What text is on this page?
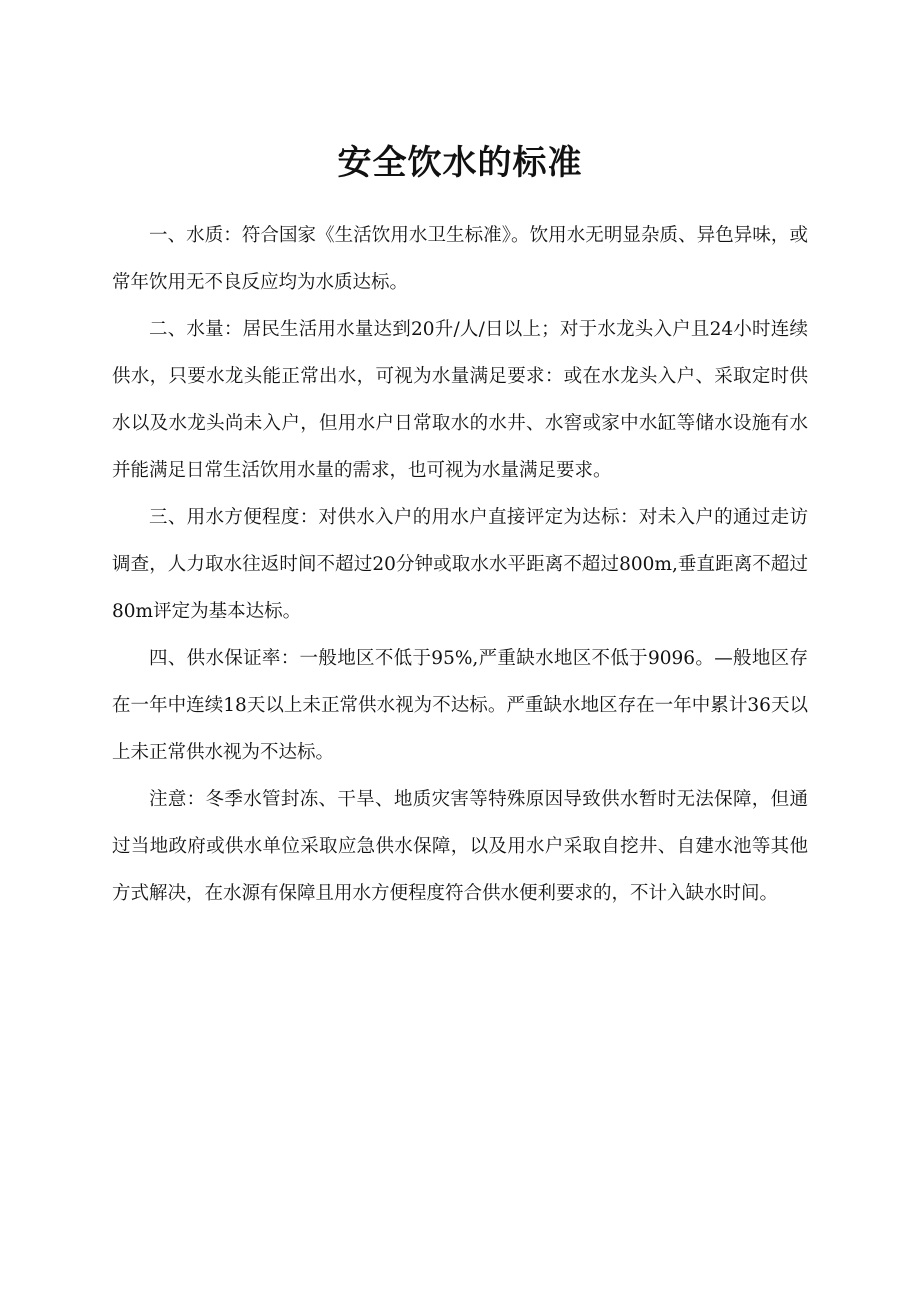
安全饮水的标准

一、水质：符合国家《生活饮用水卫生标准》。饮用水无明显杂质、异色异味，或常年饮用无不良反应均为水质达标。

二、水量：居民生活用水量达到20升/人/日以上；对于水龙头入户且24小时连续供水，只要水龙头能正常出水，可视为水量满足要求：或在水龙头入户、采取定时供水以及水龙头尚未入户，但用水户日常取水的水井、水窖或家中水缸等储水设施有水并能满足日常生活饮用水量的需求，也可视为水量满足要求。

三、用水方便程度：对供水入户的用水户直接评定为达标：对未入户的通过走访调查，人力取水往返时间不超过20分钟或取水水平距离不超过800m,垂直距离不超过80m评定为基本达标。

四、供水保证率：一般地区不低于95%,严重缺水地区不低于9096。—般地区存在一年中连续18天以上未正常供水视为不达标。严重缺水地区存在一年中累计36天以上未正常供水视为不达标。

注意：冬季水管封冻、干旱、地质灾害等特殊原因导致供水暂时无法保障，但通过当地政府或供水单位采取应急供水保障，以及用水户采取自挖井、自建水池等其他方式解决，在水源有保障且用水方便程度符合供水便利要求的，不计入缺水时间。
